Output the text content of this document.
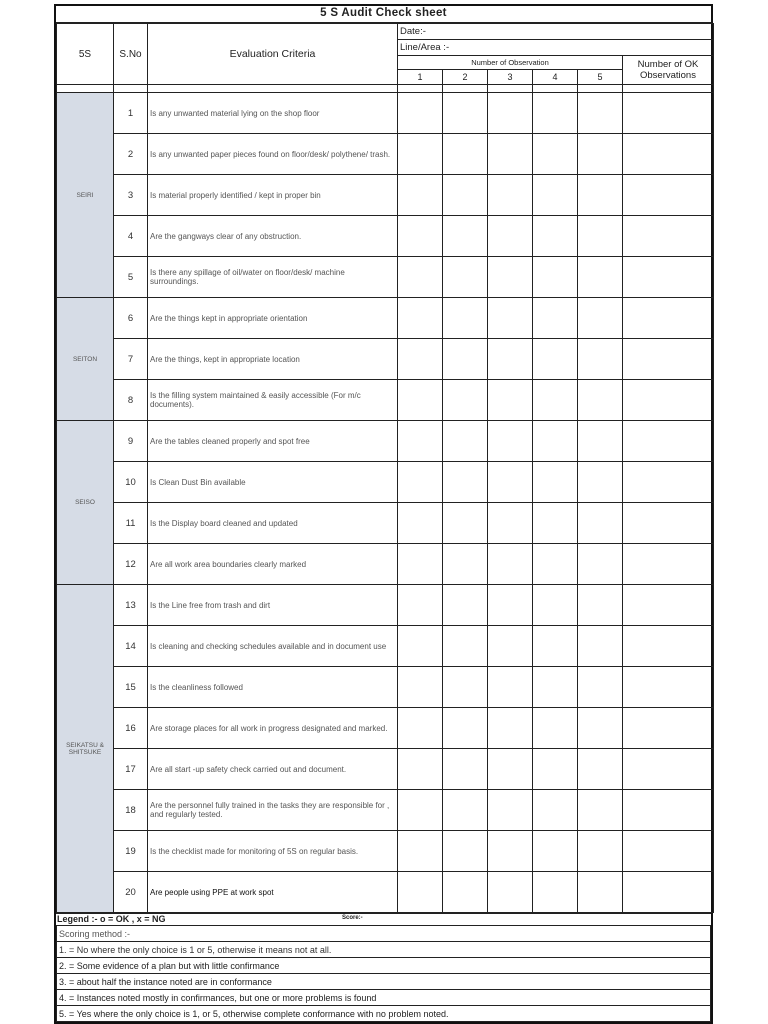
5 S Audit Check sheet
5S	S.No	Evaluation Criteria	Date:-					
			Line/Area :-					
			Number of Observation					Number of OK Observations
			1	2	3	4	5	

SEIRI	1	Is any unwanted material lying on the shop floor						
	2	Is any unwanted paper pieces found on floor/desk/ polythene/ trash.						
	3	Is material properly identified / kept in proper bin						
	4	Are the gangways clear of any obstruction.						
	5	Is there any spillage of oil/water on floor/desk/ machine surroundings.						
SEITON	6	Are the things kept in appropriate orientation						
	7	Are the things, kept in appropriate location						
	8	Is the filling system maintained & easily accessible (For m/c documents).						
SEISO	9	Are the tables cleaned properly and spot free						
	10	Is Clean Dust Bin available						
	11	Is the Display board cleaned and updated						
	12	Are all work area boundaries clearly marked						
SEIKATSU & SHITSUKE	13	Is the Line free from trash and dirt						
	14	Is cleaning and checking schedules available and in document use						
	15	Is the cleanliness followed						
	16	Are storage places for all work in progress designated and marked.						
	17	Are all start -up safety check carried out and document.						
	18	Are the personnel fully trained in the tasks they are responsible for , and regularly tested.						
	19	Is the checklist made for monitoring of 5S on regular basis.						
	20	Are people using PPE at work spot						
Legend :- o = OK , x = NG	Score:-
Scoring method :-
1. = No where the only choice is 1 or 5, otherwise it means not at all.
2. = Some evidence of a plan but with little confirmance
3. = about half the instance noted are in conformance
4. = Instances noted mostly in confirmances, but one or more problems is found
5. = Yes where the only choice is 1, or 5, otherwise complete conformance with no problem noted.
